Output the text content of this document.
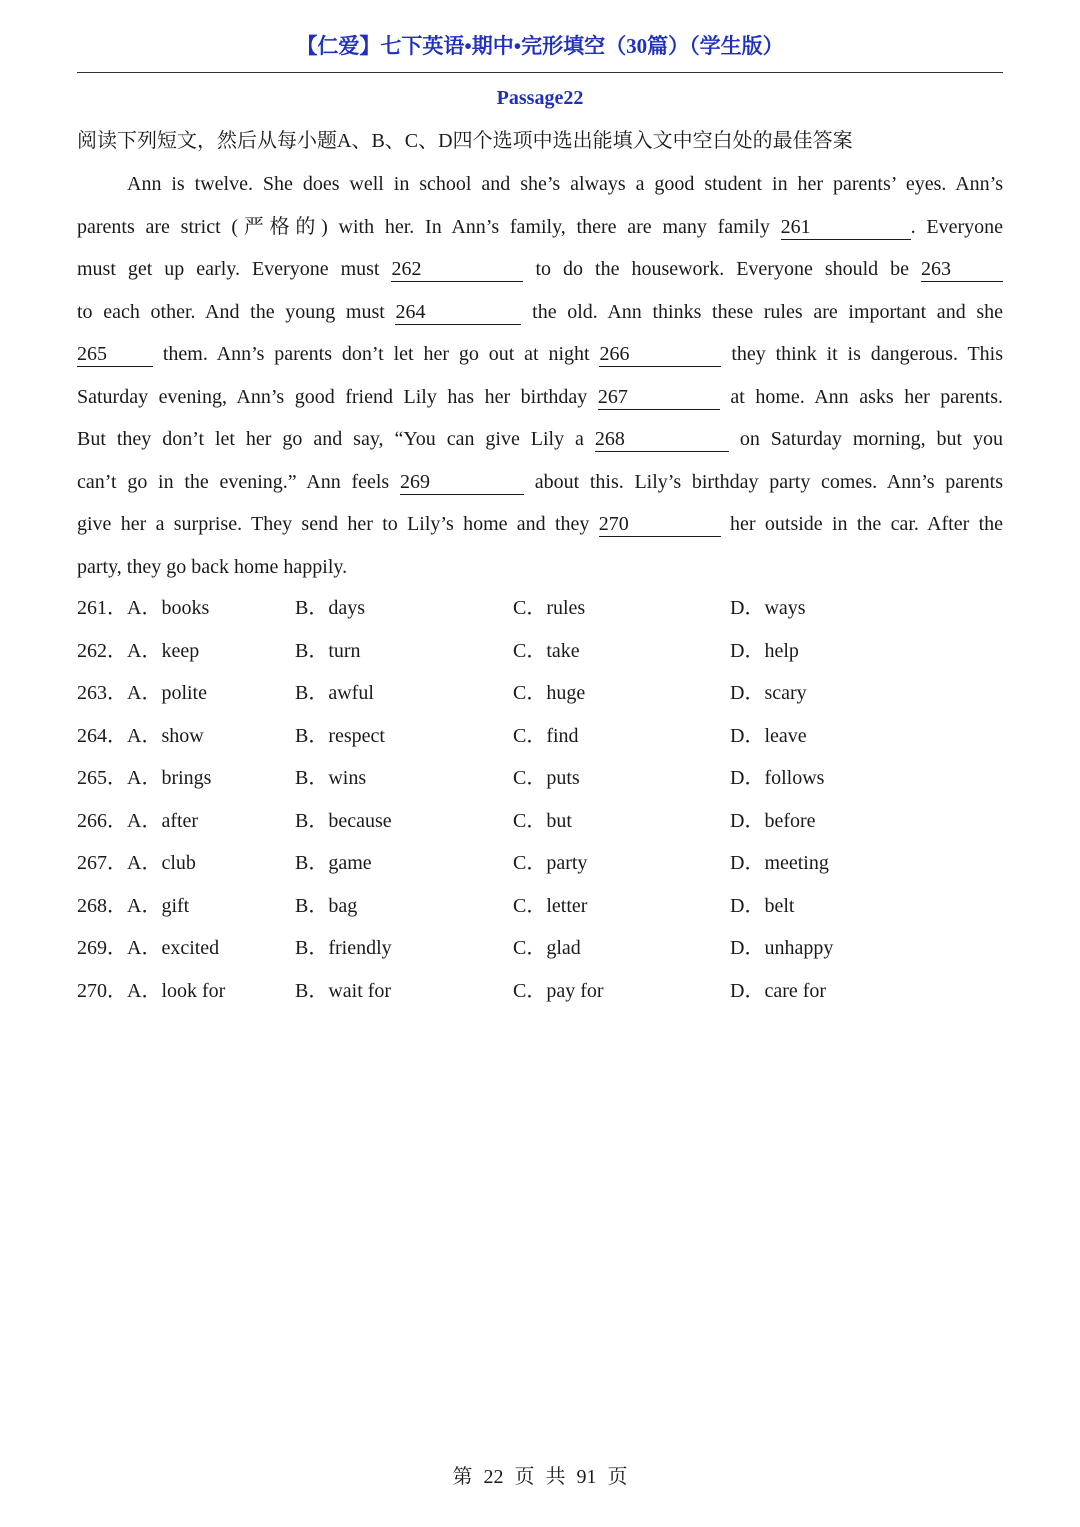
【仁爱】七下英语•期中•完形填空（30篇）（学生版）
Passage22
阅读下列短文，然后从每小题A、B、C、D四个选项中选出能填入文中空白处的最佳答案
Ann is twelve. She does well in school and she’s always a good student in her parents’ eyes. Ann’s
parents are strict (严格的) with her. In Ann’s family, there are many family 261	. Everyone
must get up early. Everyone must 262	to do the housework. Everyone should be 263
to each other. And the young must 264	the old. Ann thinks these rules are important and she
265	them. Ann’s parents don’t let her go out at night 266	they think it is dangerous. This
Saturday evening, Ann’s good friend Lily has her birthday 267	at home. Ann asks her parents.
But they don’t let her go and say, “You can give Lily a 268	on Saturday morning, but you
can’t go in the evening.” Ann feels 269	about this. Lily’s birthday party comes. Ann’s parents
give her a surprise. They send her to Lily’s home and they 270	her outside in the car. After the
party, they go back home happily.
261．A．books	B．days	C．rules	D．ways
262．A．keep	B．turn	C．take	D．help
263．A．polite	B．awful	C．huge	D．scary
264．A．show	B．respect	C．find	D．leave
265．A．brings	B．wins	C．puts	D．follows
266．A．after	B．because	C．but	D．before
267．A．club	B．game	C．party	D．meeting
268．A．gift	B．bag	C．letter	D．belt
269．A．excited	B．friendly	C．glad	D．unhappy
270．A．look for	B．wait for	C．pay for	D．care for
第 22 页 共 91 页
